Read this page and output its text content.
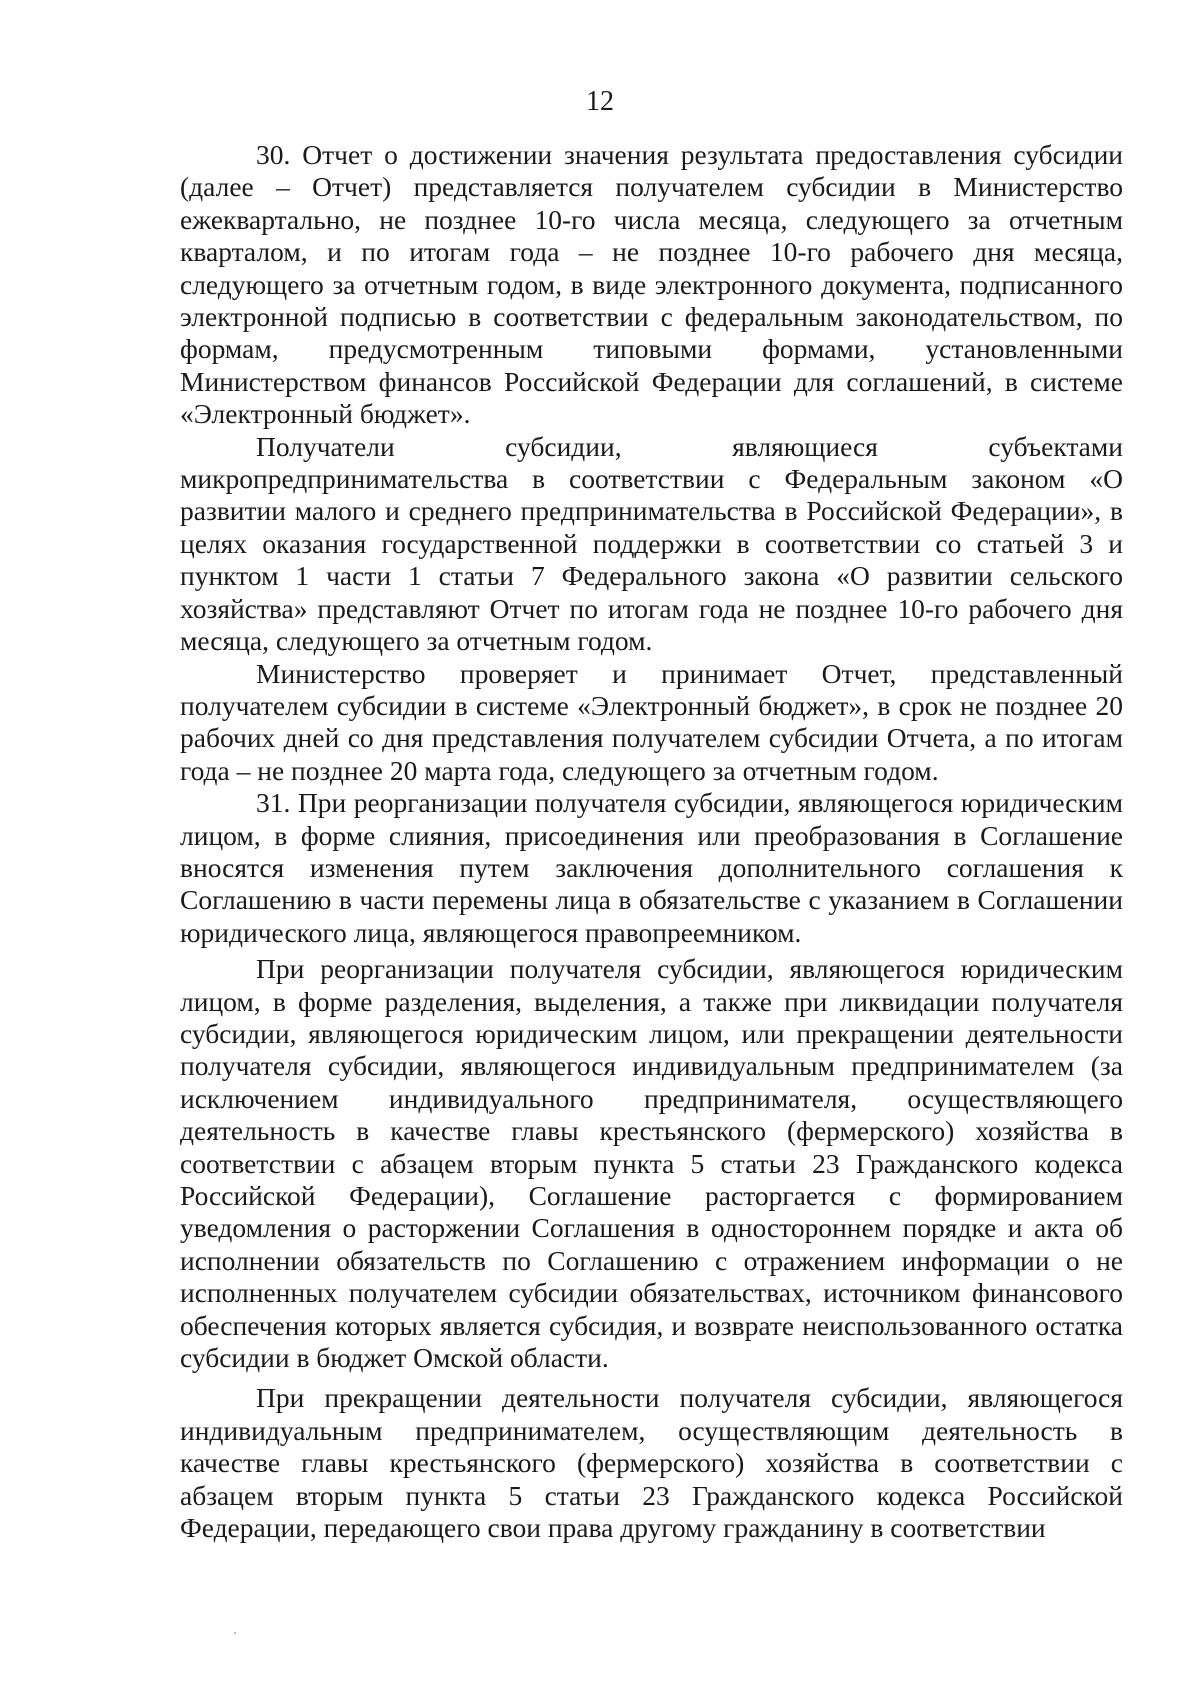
12

30. Отчет о достижении значения результата предоставления субсидии (далее – Отчет) представляется получателем субсидии в Министерство ежеквартально, не позднее 10-го числа месяца, следующего за отчетным кварталом, и по итогам года – не позднее 10-го рабочего дня месяца, следующего за отчетным годом, в виде электронного документа, подписанного электронной подписью в соответствии с федеральным законодательством, по формам, предусмотренным типовыми формами, установленными Министерством финансов Российской Федерации для соглашений, в системе «Электронный бюджет».

Получатели субсидии, являющиеся субъектами микропредпринимательства в соответствии с Федеральным законом «О развитии малого и среднего предпринимательства в Российской Федерации», в целях оказания государственной поддержки в соответствии со статьей 3 и пунктом 1 части 1 статьи 7 Федерального закона «О развитии сельского хозяйства» представляют Отчет по итогам года не позднее 10-го рабочего дня месяца, следующего за отчетным годом.

Министерство проверяет и принимает Отчет, представленный получателем субсидии в системе «Электронный бюджет», в срок не позднее 20 рабочих дней со дня представления получателем субсидии Отчета, а по итогам года – не позднее 20 марта года, следующего за отчетным годом.

31. При реорганизации получателя субсидии, являющегося юридическим лицом, в форме слияния, присоединения или преобразования в Соглашение вносятся изменения путем заключения дополнительного соглашения к Соглашению в части перемены лица в обязательстве с указанием в Соглашении юридического лица, являющегося правопреемником.

При реорганизации получателя субсидии, являющегося юридическим лицом, в форме разделения, выделения, а также при ликвидации получателя субсидии, являющегося юридическим лицом, или прекращении деятельности получателя субсидии, являющегося индивидуальным предпринимателем (за исключением индивидуального предпринимателя, осуществляющего деятельность в качестве главы крестьянского (фермерского) хозяйства в соответствии с абзацем вторым пункта 5 статьи 23 Гражданского кодекса Российской Федерации), Соглашение расторгается с формированием уведомления о расторжении Соглашения в одностороннем порядке и акта об исполнении обязательств по Соглашению с отражением информации о не исполненных получателем субсидии обязательствах, источником финансового обеспечения которых является субсидия, и возврате неиспользованного остатка субсидии в бюджет Омской области.

При прекращении деятельности получателя субсидии, являющегося индивидуальным предпринимателем, осуществляющим деятельность в качестве главы крестьянского (фермерского) хозяйства в соответствии с абзацем вторым пункта 5 статьи 23 Гражданского кодекса Российской Федерации, передающего свои права другому гражданину в соответствии
